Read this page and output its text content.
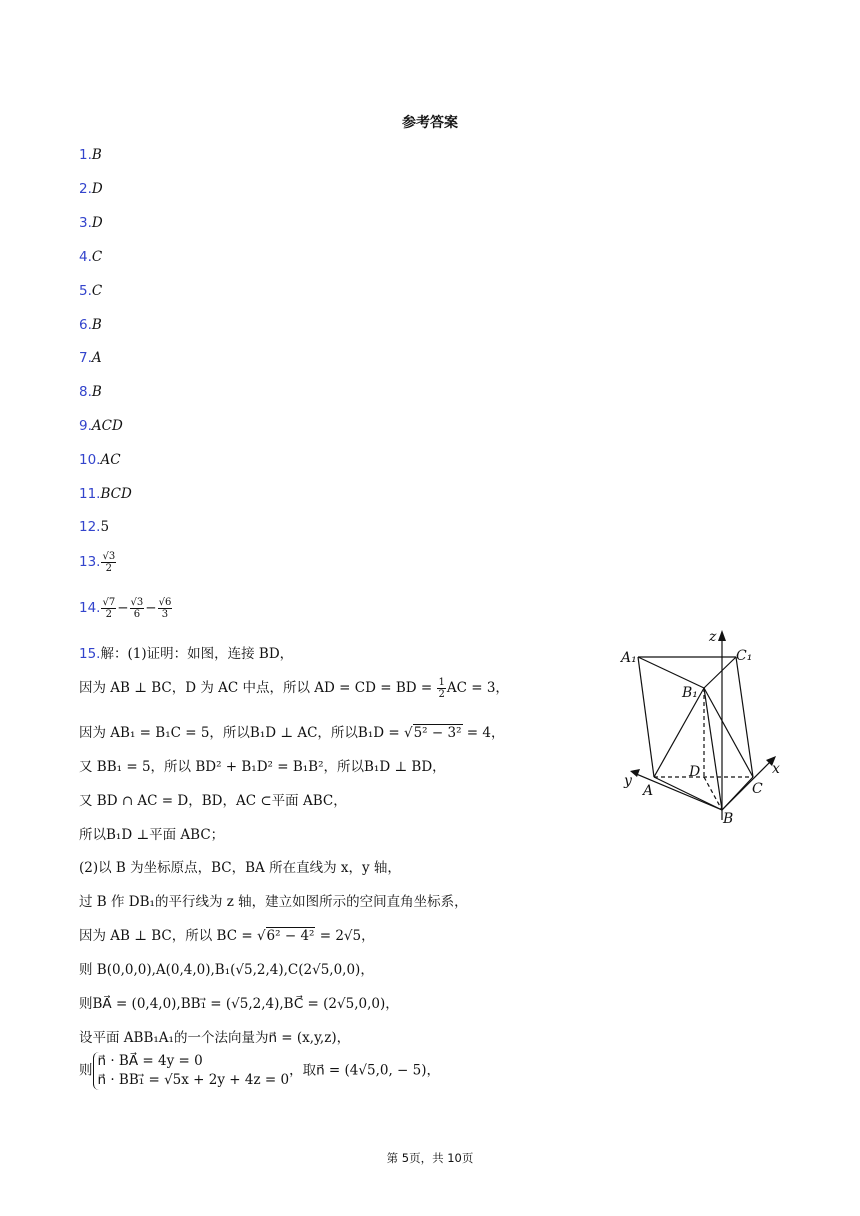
参考答案
1.B
2.D
3.D
4.C
5.C
6.B
7.A
8.B
9.ACD
10.AC
11.BCD
12.5
13. $\frac{√3}{2}$
14. $\frac{√7}{2} - \frac{√3}{6} - \frac{√6}{3}$
15.解：(1)证明：如图，连接 BD，
因为 AB ⊥ BC，D 为 AC 中点，所以 AD = CD = BD = $\frac{1}{2}$ AC = 3，
因为 AB₁ = B₁C = 5，所以B₁D ⊥ AC，所以B₁D = √5² − 3² = 4，
又 BB₁ = 5，所以 BD² + B₁D² = B₁B²，所以B₁D ⊥ BD，
又 BD ∩ AC = D，BD，AC ⊂平面 ABC，
所以B₁D ⊥平面 ABC；
(2)以 B 为坐标原点，BC，BA 所在直线为 x，y 轴，
过 B 作 DB₁的平行线为 z 轴，建立如图所示的空间直角坐标系，
因为 AB ⊥ BC，所以 BC = √6² − 4² = 2√5，
则 B(0,0,0),A(0,4,0),B₁(√5,2,4),C(2√5,0,0)，
则BA⃗ = (0,4,0),BB₁⃗ = (√5,2,4),BC⃗ = (2√5,0,0)，
设平面 ABB₁A₁的一个法向量为n⃗ = (x,y,z)，
则
n⃗ · BA⃗ = 4y = 0
n⃗ · BB₁⃗ = √5x + 2y + 4z = 0
，取n⃗ = (4√5,0, − 5)，
A₁	C₁
B₁
z
x
y
A
B
C
D
第 5页，共 10页
